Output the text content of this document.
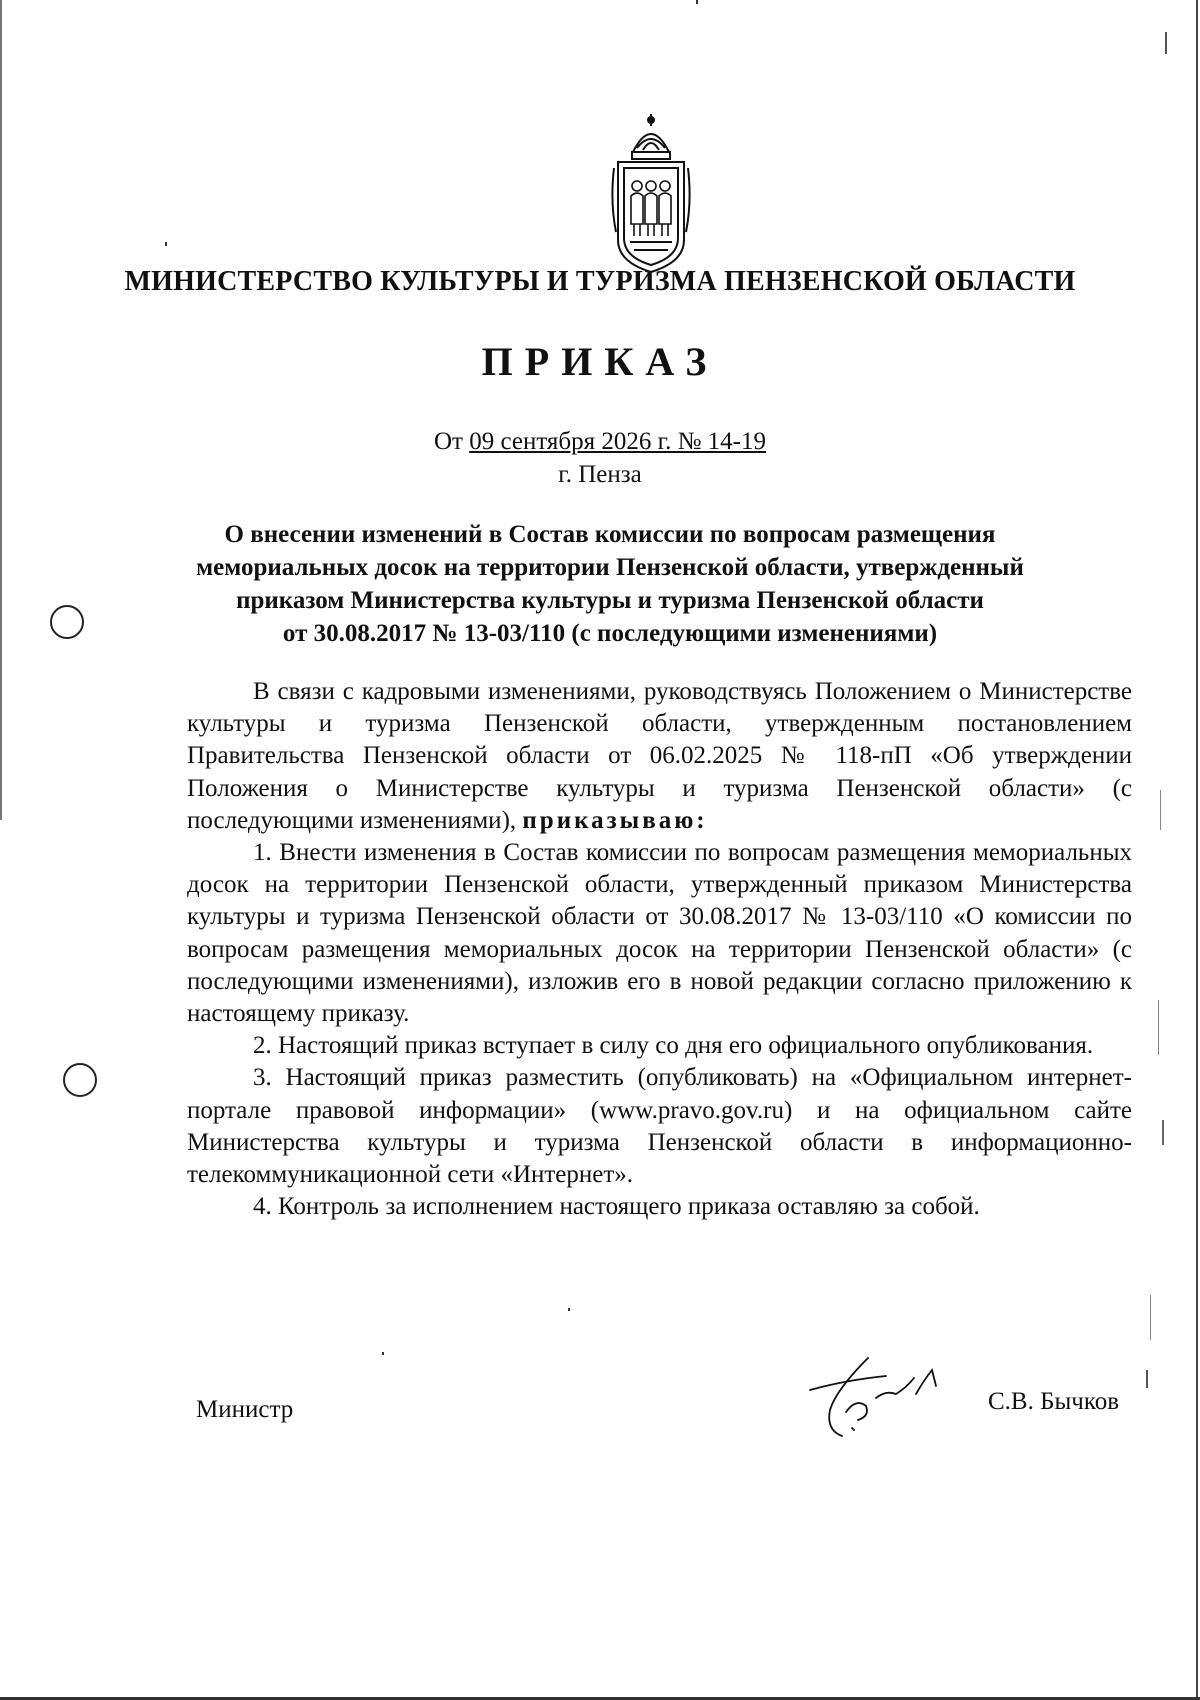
МИНИСТЕРСТВО КУЛЬТУРЫ И ТУРИЗМА ПЕНЗЕНСКОЙ ОБЛАСТИ
ПРИКАЗ
От 09 сентября 2026 г. № 14-19
г. Пенза
О внесении изменений в Состав комиссии по вопросам размещения
мемориальных досок на территории Пензенской области, утвержденный
приказом Министерства культуры и туризма Пензенской области
от 30.08.2017 № 13-03/110 (с последующими изменениями)

В связи с кадровыми изменениями, руководствуясь Положением о Министерстве культуры и туризма Пензенской области, утвержденным постановлением Правительства Пензенской области от 06.02.2025 № 118-пП «Об утверждении Положения о Министерстве культуры и туризма Пензенской области» (с последующими изменениями), приказываю:

1. Внести изменения в Состав комиссии по вопросам размещения мемориальных досок на территории Пензенской области, утвержденный приказом Министерства культуры и туризма Пензенской области от 30.08.2017 № 13-03/110 «О комиссии по вопросам размещения мемориальных досок на территории Пензенской области» (с последующими изменениями), изложив его в новой редакции согласно приложению к настоящему приказу.

2. Настоящий приказ вступает в силу со дня его официального опубликования.

3. Настоящий приказ разместить (опубликовать) на «Официальном интернет-портале правовой информации» (www.pravo.gov.ru) и на официальном сайте Министерства культуры и туризма Пензенской области в информационно-телекоммуникационной сети «Интернет».

4. Контроль за исполнением настоящего приказа оставляю за собой.

Министр	С.В. Бычков
